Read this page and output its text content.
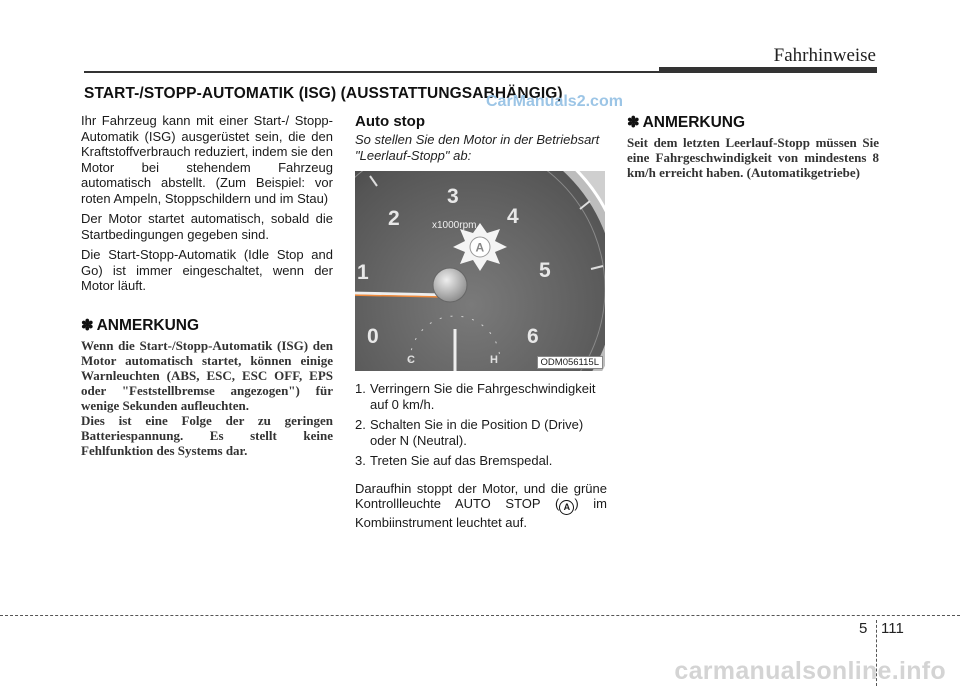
Fahrhinweise
START-/STOPP-AUTOMATIK (ISG) (AUSSTATTUNGSABHÄNGIG)
CarManuals2.com

Ihr Fahrzeug kann mit einer Start-/ Stopp-Automatik (ISG) ausgerüstet sein, die den Kraftstoffverbrauch reduziert, indem sie den Motor bei stehendem Fahrzeug automatisch abstellt. (Zum Beispiel: vor roten Ampeln, Stoppschildern und im Stau)

Der Motor startet automatisch, sobald die Startbedingungen gegeben sind.

Die Start-Stopp-Automatik (Idle Stop and Go) ist immer eingeschaltet, wenn der Motor läuft.

✽ ANMERKUNG

Wenn die Start-/Stopp-Automatik (ISG) den Motor automatisch startet, können einige Warnleuchten (ABS, ESC, ESC OFF, EPS oder "Feststellbremse angezogen") für wenige Sekunden aufleuchten.

Dies ist eine Folge der zu geringen Batteriespannung. Es stellt keine Fehlfunktion des Systems dar.

Auto stop
So stellen Sie den Motor in der Betriebsart "Leerlauf-Stopp" ab:
0
1
2
3
4
5
6
x1000rpm
A
C	H	ODM056115L
1. Verringern Sie die Fahrgeschwindigkeit auf 0 km/h.
2. Schalten Sie in die Position D (Drive) oder N (Neutral).
3. Treten Sie auf das Bremspedal.

Daraufhin stoppt der Motor, und die grüne Kontrollleuchte AUTO STOP ( A ) im Kombiinstrument leuchtet auf.

✽ ANMERKUNG

Seit dem letzten Leerlauf-Stopp müssen Sie eine Fahrgeschwindigkeit von mindestens 8 km/h erreicht haben. (Automatikgetriebe)

5 111
carmanualsonline.info
